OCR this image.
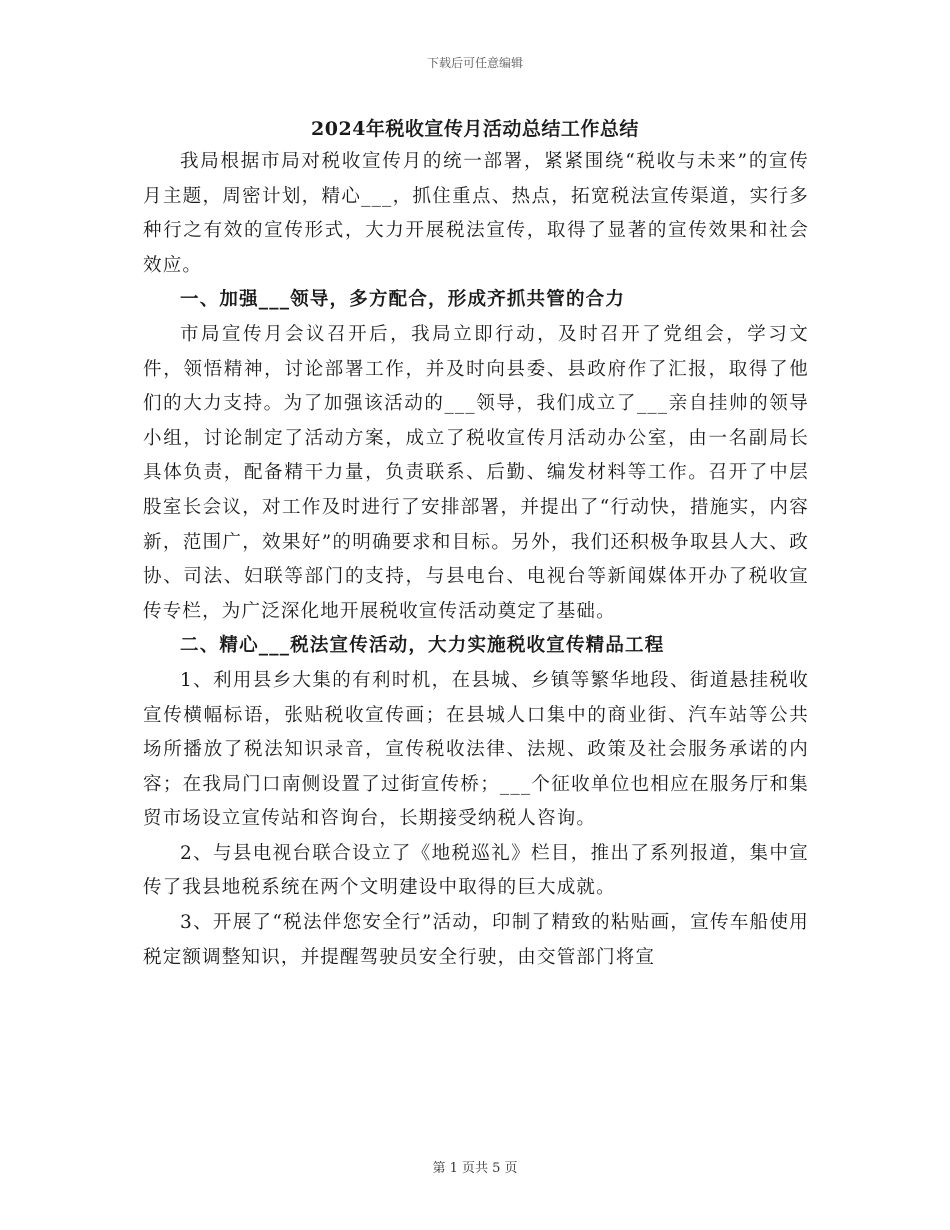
下载后可任意编辑
2024年税收宣传月活动总结工作总结

我局根据市局对税收宣传月的统一部署，紧紧围绕“税收与未来”的宣传月主题，周密计划，精心___，抓住重点、热点，拓宽税法宣传渠道，实行多种行之有效的宣传形式，大力开展税法宣传，取得了显著的宣传效果和社会效应。

一、加强___领导，多方配合，形成齐抓共管的合力

市局宣传月会议召开后，我局立即行动，及时召开了党组会，学习文件，领悟精神，讨论部署工作，并及时向县委、县政府作了汇报，取得了他们的大力支持。为了加强该活动的___领导，我们成立了___亲自挂帅的领导小组，讨论制定了活动方案，成立了税收宣传月活动办公室，由一名副局长具体负责，配备精干力量，负责联系、后勤、编发材料等工作。召开了中层股室长会议，对工作及时进行了安排部署，并提出了“行动快，措施实，内容新，范围广，效果好”的明确要求和目标。另外，我们还积极争取县人大、政协、司法、妇联等部门的支持，与县电台、电视台等新闻媒体开办了税收宣传专栏，为广泛深化地开展税收宣传活动奠定了基础。

二、精心___税法宣传活动，大力实施税收宣传精品工程

1、利用县乡大集的有利时机，在县城、乡镇等繁华地段、街道悬挂税收宣传横幅标语，张贴税收宣传画；在县城人口集中的商业街、汽车站等公共场所播放了税法知识录音，宣传税收法律、法规、政策及社会服务承诺的内容；在我局门口南侧设置了过街宣传桥；___个征收单位也相应在服务厅和集贸市场设立宣传站和咨询台，长期接受纳税人咨询。

2、与县电视台联合设立了《地税巡礼》栏目，推出了系列报道，集中宣传了我县地税系统在两个文明建设中取得的巨大成就。

3、开展了“税法伴您安全行”活动，印制了精致的粘贴画，宣传车船使用税定额调整知识，并提醒驾驶员安全行驶，由交管部门将宣

第 1 页共 5 页
